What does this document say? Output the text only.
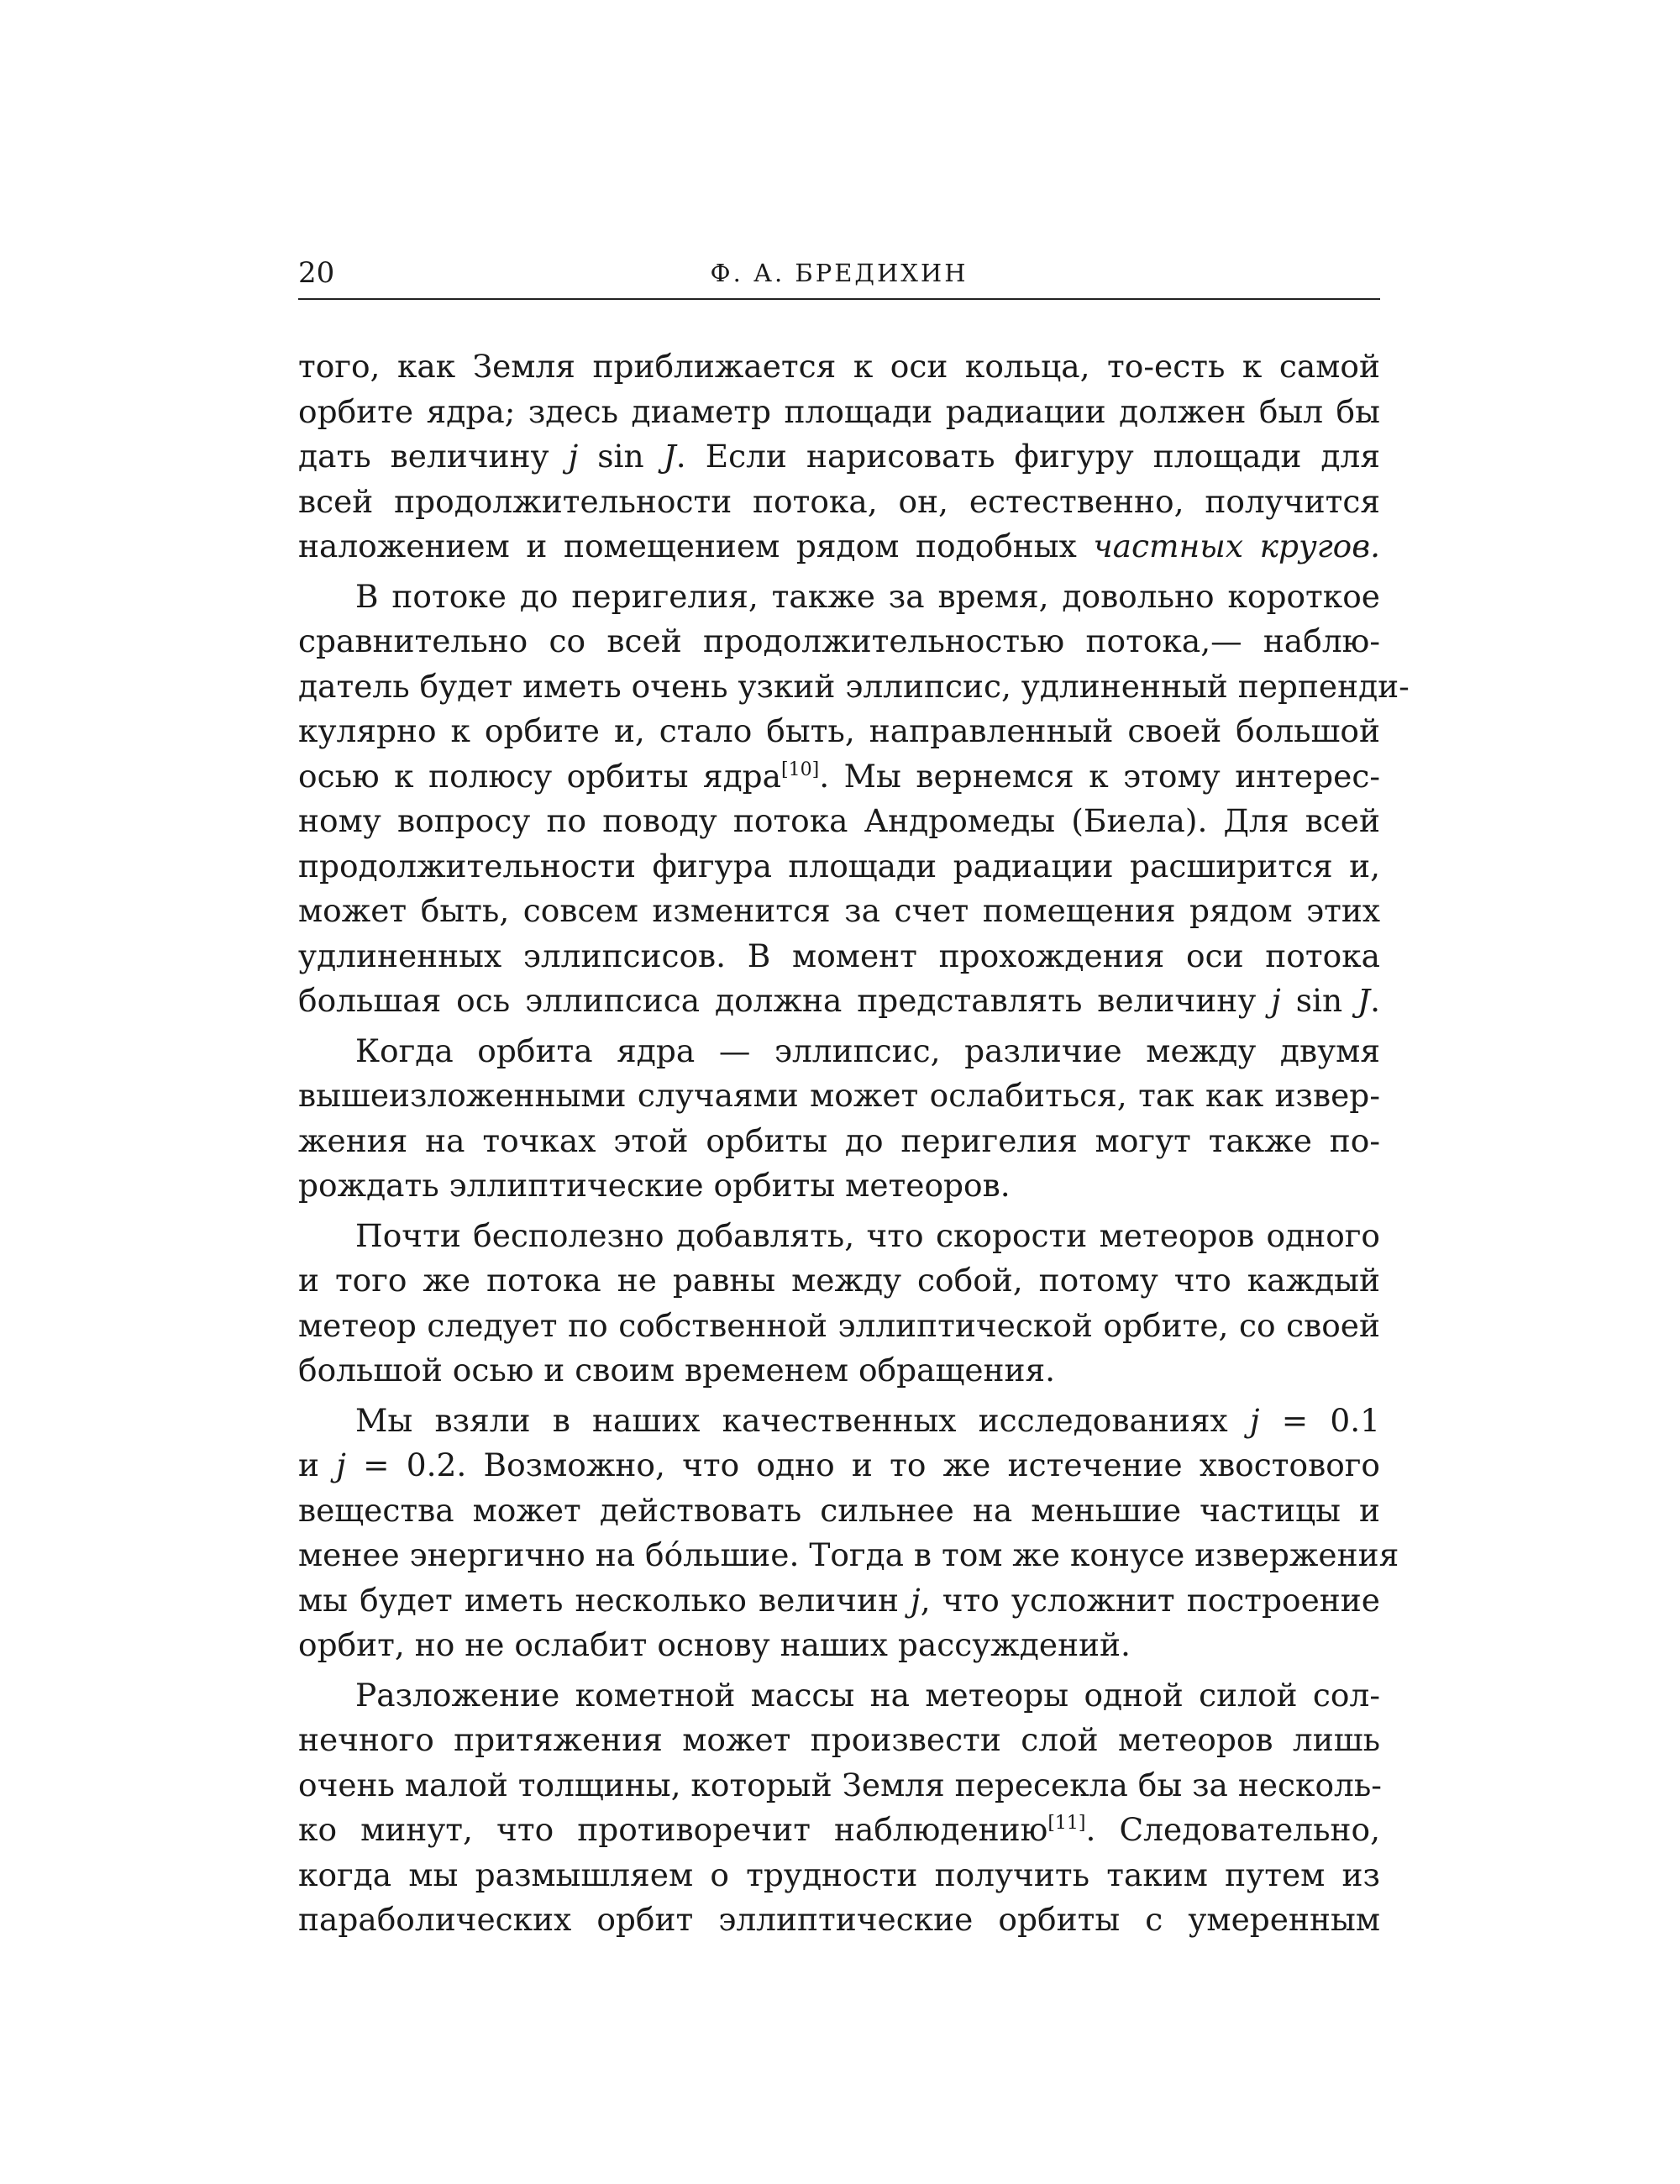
20	Ф. А. БРЕДИХИН
того, как Земля приближается к оси кольца, то-есть к самой
орбите ядра; здесь диаметр площади радиации должен был бы
дать величину j sin J. Если нарисовать фигуру площади для
всей продолжительности потока, он, естественно, получится
наложением и помещением рядом подобных частных кругов.
В потоке до перигелия, также за время, довольно короткое
сравнительно со всей продолжительностью потока,— наблю-
датель будет иметь очень узкий эллипсис, удлиненный перпенди-
кулярно к орбите и, стало быть, направленный своей большой
осью к полюсу орбиты ядра[10]. Мы вернемся к этому интерес-
ному вопросу по поводу потока Андромеды (Биела). Для всей
продолжительности фигура площади радиации расширится и,
может быть, совсем изменится за счет помещения рядом этих
удлиненных эллипсисов. В момент прохождения оси потока
большая ось эллипсиса должна представлять величину j sin J.
Когда орбита ядра — эллипсис, различие между двумя
вышеизложенными случаями может ослабиться, так как извер-
жения на точках этой орбиты до перигелия могут также по-
рождать эллиптические орбиты метеоров.
Почти бесполезно добавлять, что скорости метеоров одного
и того же потока не равны между собой, потому что каждый
метеор следует по собственной эллиптической орбите, со своей
большой осью и своим временем обращения.
Мы взяли в наших качественных исследованиях j = 0.1
и j = 0.2. Возможно, что одно и то же истечение хвостового
вещества может действовать сильнее на меньшие частицы и
менее энергично на бо́льшие. Тогда в том же конусе извержения
мы будет иметь несколько величин j, что усложнит построение
орбит, но не ослабит основу наших рассуждений.
Разложение кометной массы на метеоры одной силой сол-
нечного притяжения может произвести слой метеоров лишь
очень малой толщины, который Земля пересекла бы за несколь-
ко минут, что противоречит наблюдению[11]. Следовательно,
когда мы размышляем о трудности получить таким путем из
параболических орбит эллиптические орбиты с умеренным
